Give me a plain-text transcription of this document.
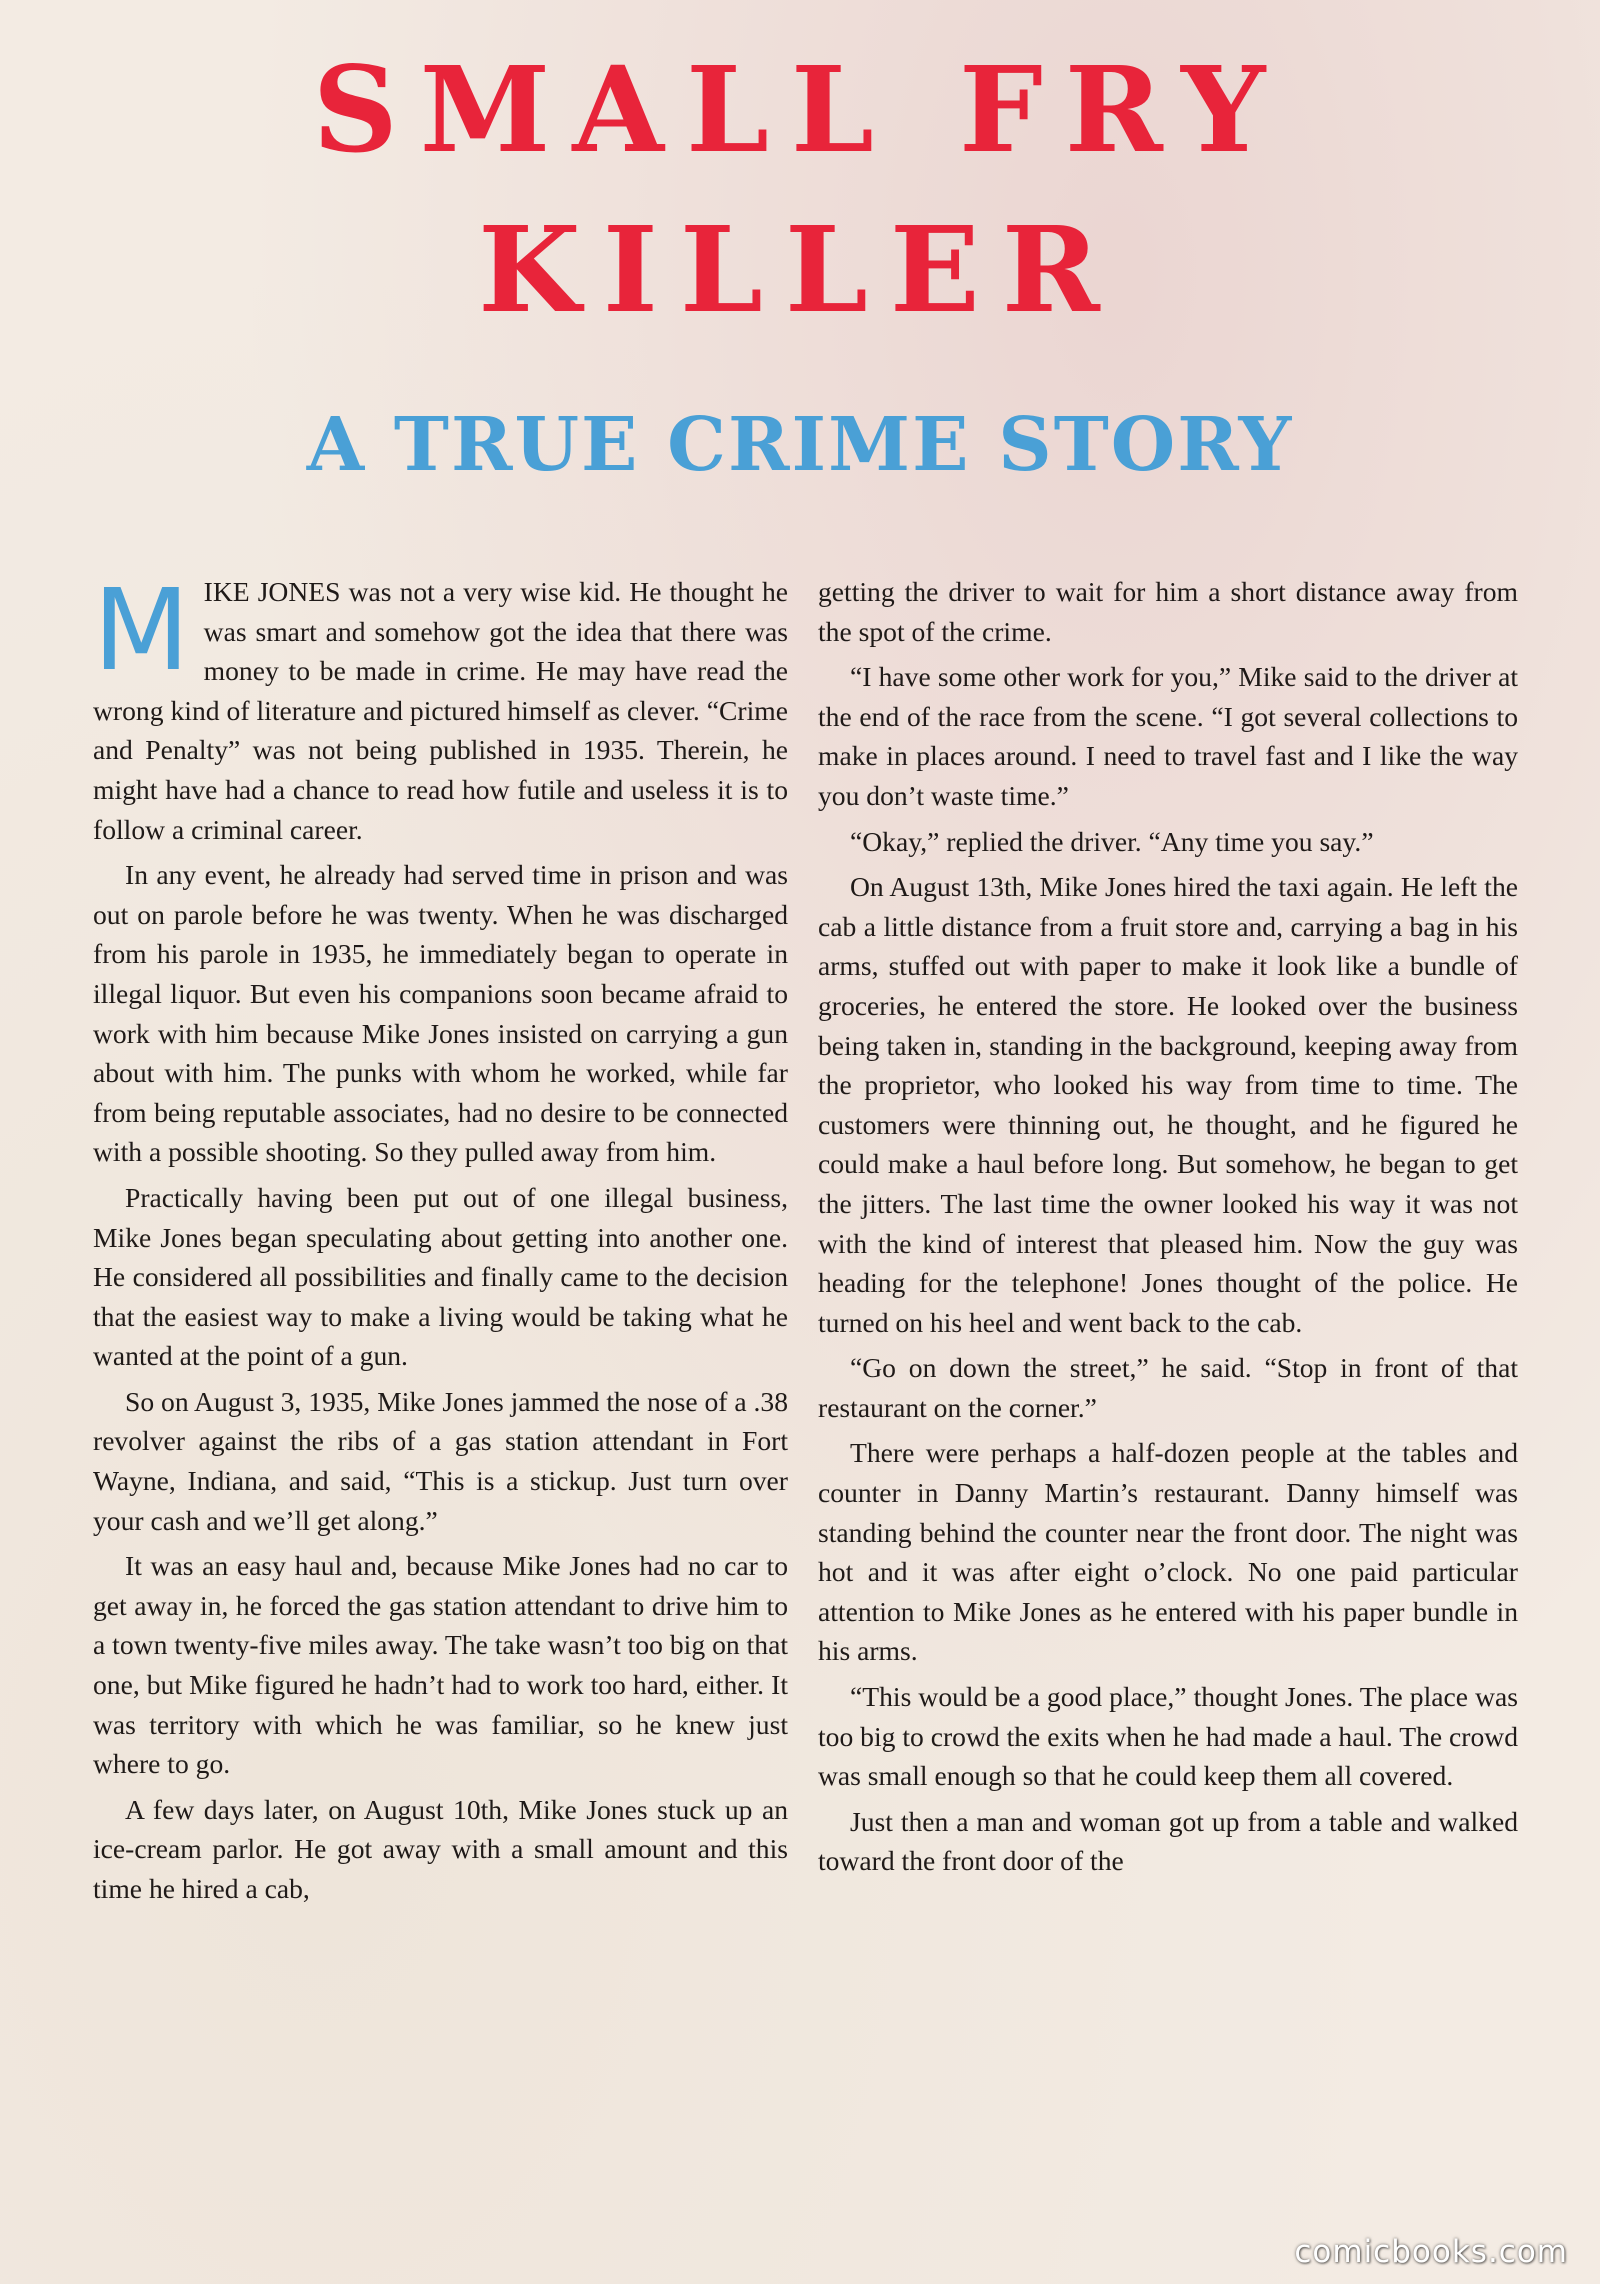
SMALL FRY
KILLER
A TRUE CRIME STORY

MIKE JONES was not a very wise kid. He thought he was smart and somehow got the idea that there was money to be made in crime. He may have read the wrong kind of literature and pictured himself as clever. “Crime and Penalty” was not being published in 1935. Therein, he might have had a chance to read how futile and useless it is to follow a criminal career.

In any event, he already had served time in prison and was out on parole before he was twenty. When he was discharged from his parole in 1935, he immediately began to operate in illegal liquor. But even his companions soon became afraid to work with him because Mike Jones insisted on carrying a gun about with him. The punks with whom he worked, while far from being reputable associates, had no desire to be connected with a possible shooting. So they pulled away from him.

Practically having been put out of one illegal business, Mike Jones began speculating about getting into another one. He considered all possibilities and finally came to the decision that the easiest way to make a living would be taking what he wanted at the point of a gun.

So on August 3, 1935, Mike Jones jammed the nose of a .38 revolver against the ribs of a gas station attendant in Fort Wayne, Indiana, and said, “This is a stickup. Just turn over your cash and we’ll get along.”

It was an easy haul and, because Mike Jones had no car to get away in, he forced the gas station attendant to drive him to a town twenty-five miles away. The take wasn’t too big on that one, but Mike figured he hadn’t had to work too hard, either. It was territory with which he was familiar, so he knew just where to go.

A few days later, on August 10th, Mike Jones stuck up an ice-cream parlor. He got away with a small amount and this time he hired a cab,

getting the driver to wait for him a short distance away from the spot of the crime.

“I have some other work for you,” Mike said to the driver at the end of the race from the scene. “I got several collections to make in places around. I need to travel fast and I like the way you don’t waste time.”

“Okay,” replied the driver. “Any time you say.”

On August 13th, Mike Jones hired the taxi again. He left the cab a little distance from a fruit store and, carrying a bag in his arms, stuffed out with paper to make it look like a bundle of groceries, he entered the store. He looked over the business being taken in, standing in the background, keeping away from the proprietor, who looked his way from time to time. The customers were thinning out, he thought, and he figured he could make a haul before long. But somehow, he began to get the jitters. The last time the owner looked his way it was not with the kind of interest that pleased him. Now the guy was heading for the telephone! Jones thought of the police. He turned on his heel and went back to the cab.

“Go on down the street,” he said. “Stop in front of that restaurant on the corner.”

There were perhaps a half-dozen people at the tables and counter in Danny Martin’s restaurant. Danny himself was standing behind the counter near the front door. The night was hot and it was after eight o’clock. No one paid particular attention to Mike Jones as he entered with his paper bundle in his arms.

“This would be a good place,” thought Jones. The place was too big to crowd the exits when he had made a haul. The crowd was small enough so that he could keep them all covered.

Just then a man and woman got up from a table and walked toward the front door of the

comicbooks.com
